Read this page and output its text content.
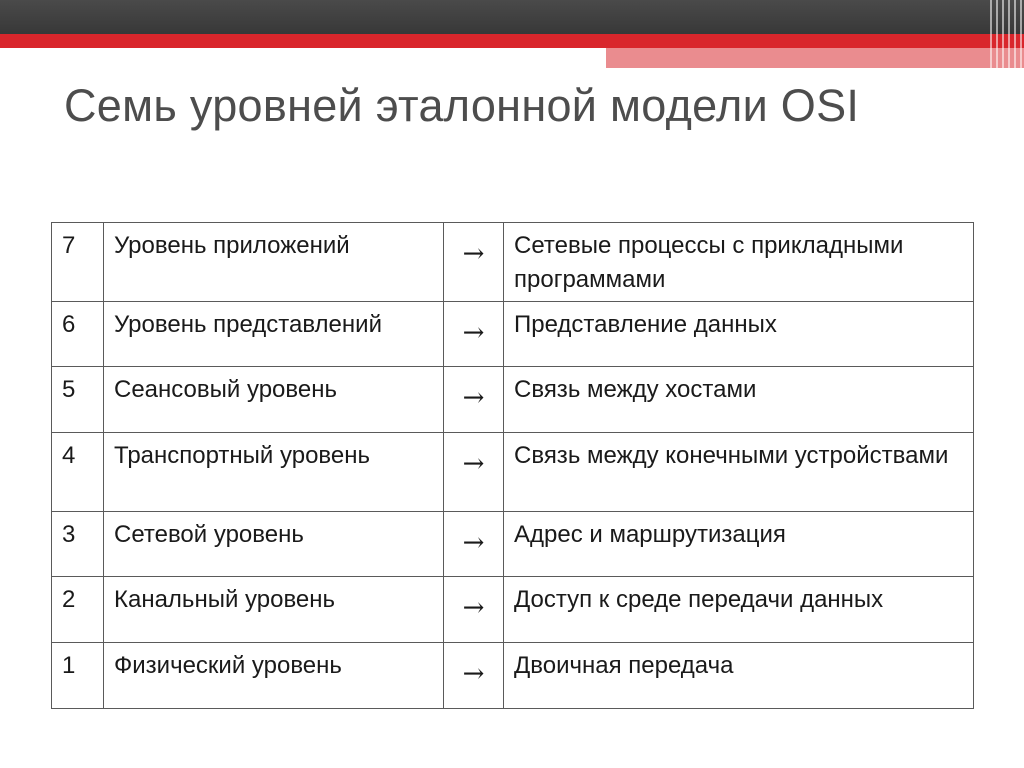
Семь уровней эталонной модели OSI
7	Уровень приложений	→	Сетевые процессы с прикладными программами
6	Уровень представлений	→	Представление данных
5	Сеансовый уровень	→	Связь между хостами
4	Транспортный уровень	→	Связь между конечными устройствами
3	Сетевой уровень	→	Адрес и маршрутизация
2	Канальный уровень	→	Доступ к среде передачи данных
1	Физический уровень	→	Двоичная передача
